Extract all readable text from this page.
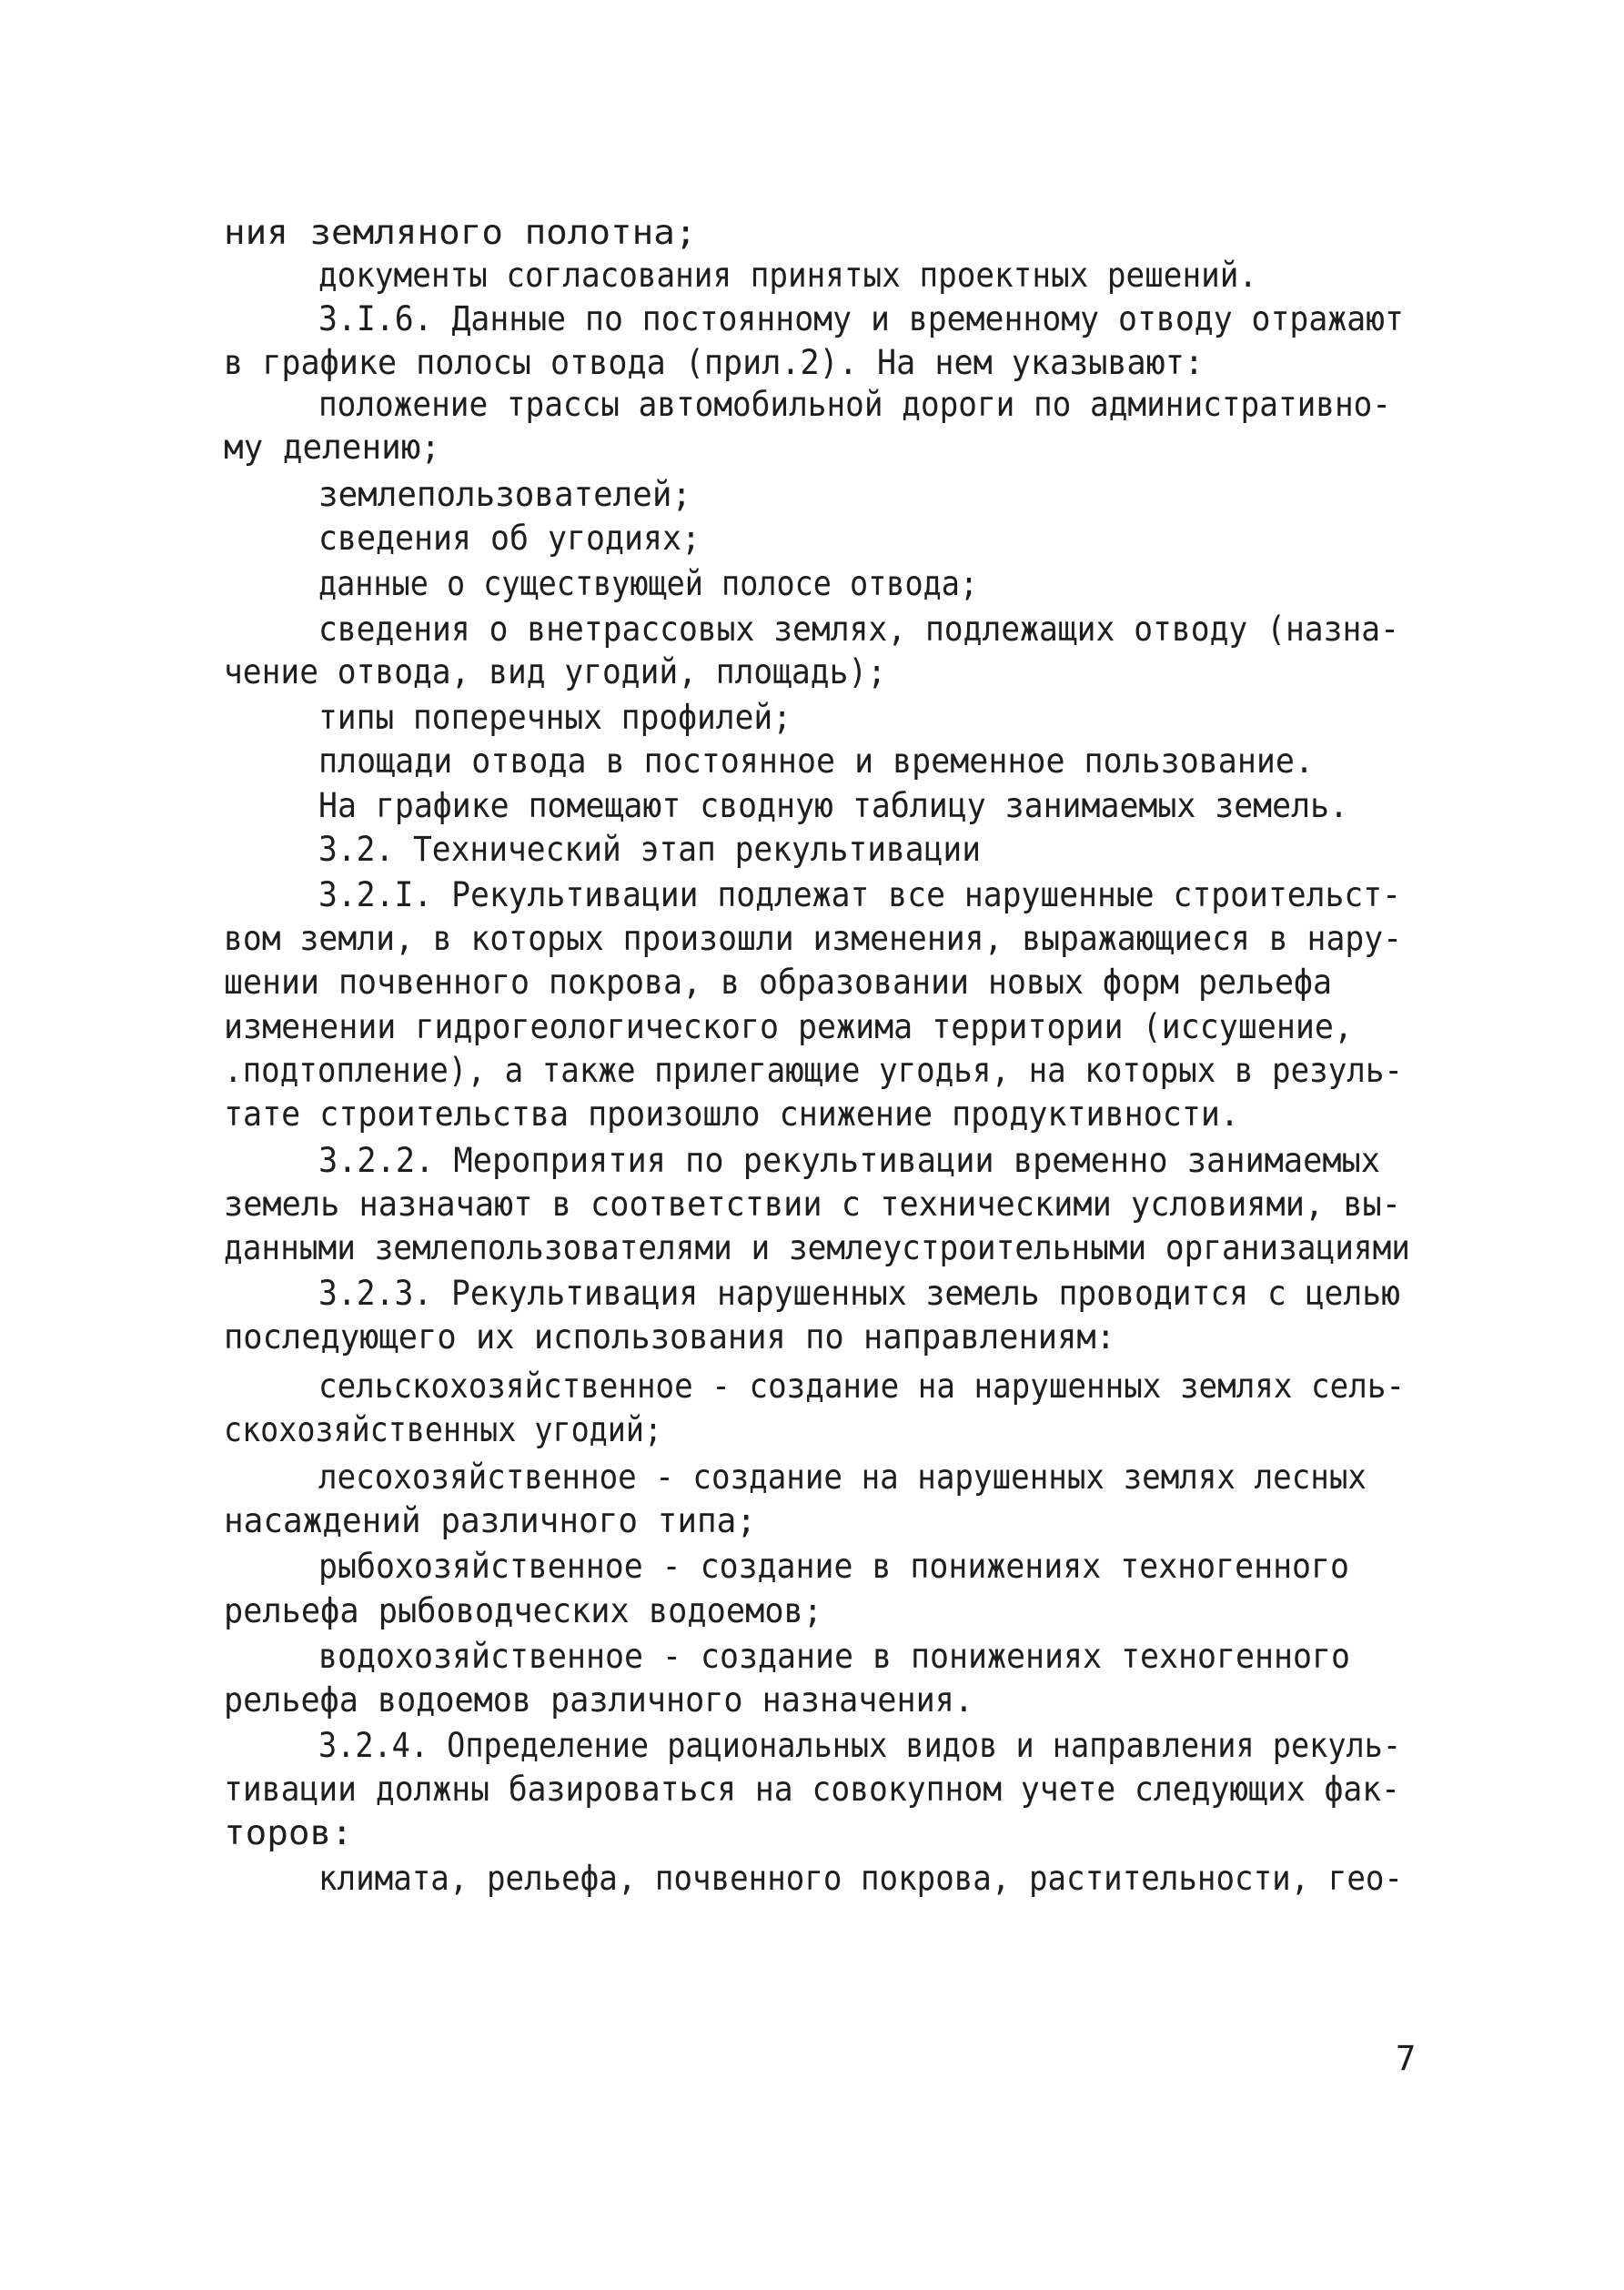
ния земляного полотна;
документы согласования принятых проектных решений.
3.I.6. Данные по постоянному и временному отводу отражают
в графике полосы отвода (прил.2). На нем указывают:
положение трассы автомобильной дороги по административно-
му делению;
землепользователей;
сведения об угодиях;
данные о существующей полосе отвода;
сведения о внетрассовых землях, подлежащих отводу (назна-
чение отвода, вид угодий, площадь);
типы поперечных профилей;
площади отвода в постоянное и временное пользование.
На графике помещают сводную таблицу занимаемых земель.
3.2. Технический этап рекультивации
3.2.I. Рекультивации подлежат все нарушенные строительст-
вом земли, в которых произошли изменения, выражающиеся в нару-
шении почвенного покрова, в образовании новых форм рельефа
изменении гидрогеологического режима территории (иссушение,
.подтопление), а также прилегающие угодья, на которых в резуль-
тате строительства произошло снижение продуктивности.
3.2.2. Мероприятия по рекультивации временно занимаемых
земель назначают в соответствии с техническими условиями, вы-
данными землепользователями и землеустроительными организациями
3.2.3. Рекультивация нарушенных земель проводится с целью
последующего их использования по направлениям:
сельскохозяйственное - создание на нарушенных землях сель-
скохозяйственных угодий;
лесохозяйственное - создание на нарушенных землях лесных
насаждений различного типа;
рыбохозяйственное - создание в понижениях техногенного
рельефа рыбоводческих водоемов;
водохозяйственное - создание в понижениях техногенного
рельефа водоемов различного назначения.
3.2.4. Определение рациональных видов и направления рекуль-
тивации должны базироваться на совокупном учете следующих фак-
торов:
климата, рельефа, почвенного покрова, растительности, гео-
7
